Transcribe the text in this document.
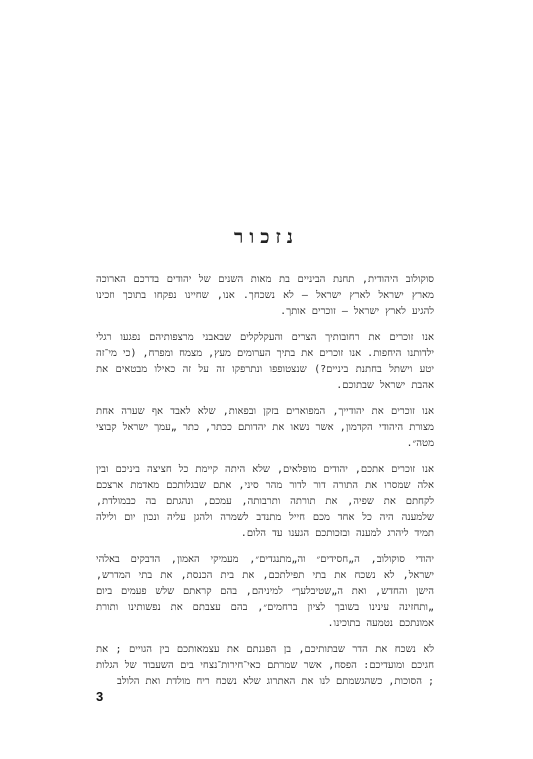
נזכור

סוקולוב היהודית, תחנת הביניים בת מאות השנים של יהודים בדרכם הארוכה מארץ ישראל לארץ ישראל — לא נשכחך. אנו, שחיינו נפקחו בתוכך וזכינו להגיע לארץ ישראל — זוכרים אותך.

אנו זוכרים את רחובותיך הצרים והעקלקלים שבאבני מרצפותיהם נפגעו רגלי ילדותנו היחפות. אנו זוכרים את בתיך הערומים מעץ, מצמח ומפרח, (כי מי־זה יטע וישתל בחתנת ביניים?) שנצטופפו ונתרפקו זה על זה כאילו מבטאים את אהבת ישראל שבתוכם.

אנו זוכרים את יהודייך, המפוארים בזקן ובפאות, שלא לאבד אף שערה אחת מצורת היהודי הקדמון, אשר נשאו את יהדותם ככתר, כתר „עמך ישראל קבוצי מטה״.

אנו זוכרים אתכם, יהודים מופלאים, שלא היתה קיימת כל חציצה ביניכם ובין אלה שמסרו את התורה דור לדור מהר סיני, אתם שבגלותכם מאדמת ארצכם לקחתם את שפיה, את תורתה ותרבותה, עמכם, ונהגתם בה כבמולדת, שלמענה היה כל אחד מכם חייל מתנדב לשמרה ולהגן עליה ונכון יום ולילה תמיד ליהרג למענה ובזכותכם הגענו עד הלום.

יהודי סוקולוב, ה„חסידים״ וה„מתנגדים״, מעמיקי האמון, הדבקים באלהי ישראל, לא נשכח את בתי תפילתכם, את בית הכנסת, את בתי המדרש, הישן והחדש, ואת ה„שטיבלעך״ למיניהם, בהם קראתם שלש פעמים ביום „ותחזינה עינינו בשובך לציון ברחמים״, בהם עצבתם את נפשותינו ותורת אמונתכם נטמעה בתוכינו.

לא נשכח את הדר שבתותיכם, בן הפגנתם את עצמאותכם בין הגויים ; את חגיכם ומועדיכם: הפסח, אשר שמרתם כאי־חירות־נצחי בים השעבוד של הגלות ; הסוכות, כשהגשמתם לנו את האתרוג שלא נשכח ריח מולדת ואת הלולב

3
